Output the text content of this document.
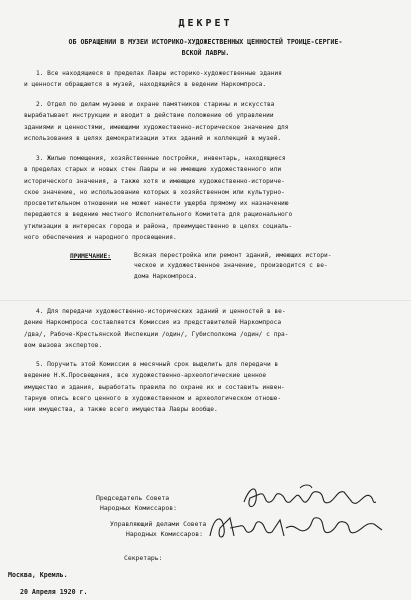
ДЕКРЕТ
ОБ ОБРАЩЕНИИ В МУЗЕИ ИСТОРИКО-ХУДОЖЕСТВЕННЫХ ЦЕННОСТЕЙ ТРОИЦЕ-СЕРГИЕ-
ВСКОЙ ЛАВРЫ.
1. Все находящиеся в пределах Лавры историко-художественные здания
и ценности обращаются в музей, находящийся в ведении Наркомпроса.
2. Отдел по делам музеев и охране памятников старины и искусства
вырабатывает инструкции и вводит в действие положение об управлении
зданиями и ценностями, имеющими художественно-историческое значение для
использования в целях демократизации этих зданий и коллекций в музей.
3. Жилые помещения, хозяйственные постройки, инвентарь, находящиеся
в пределах старых и новых стен Лавры и не имеющие художественного или
исторического значения, а также хотя и имеющие художественно-историче-
ское значение, но использование которых в хозяйственном или культурно-
просветительном отношении не может нанести ущерба прямому их назначению
передаются в ведение местного Исполнительного Комитета для рационального
утилизации в интересах города и района, преимущественно в целях социаль-
ного обеспечения и народного просвещения.
ПРИМЕЧАНИЕ:	Всякая перестройка или ремонт зданий, имеющих истори-
ческое и художественное значение, производится с ве-
дома Наркомпроса.
4. Для передачи художественно-исторических зданий и ценностей в ве-
дение Наркомпроса составляется Комиссия из представителей Наркомпроса
/два/, Рабоче-Крестьянской Инспекции /один/, Губисполкома /один/ с пра-
вом вызова экспертов.
5. Поручить этой Комиссии в месячный срок выделить для передачи в
ведение Н.К.Просвещения, все художественно-археологические ценное
имущество и здания, выработать правила по охране их и составить инвен-
тарную опись всего ценного в художественном и археологическом отноше-
нии имущества, а также всего имущества Лавры вообще.
Председатель Совета
Народных Комиссаров:
Управляющий делами Совета
Народных Комиссаров:
Секретарь:
Москва, Кремль.
20 Апреля 1920 г.
